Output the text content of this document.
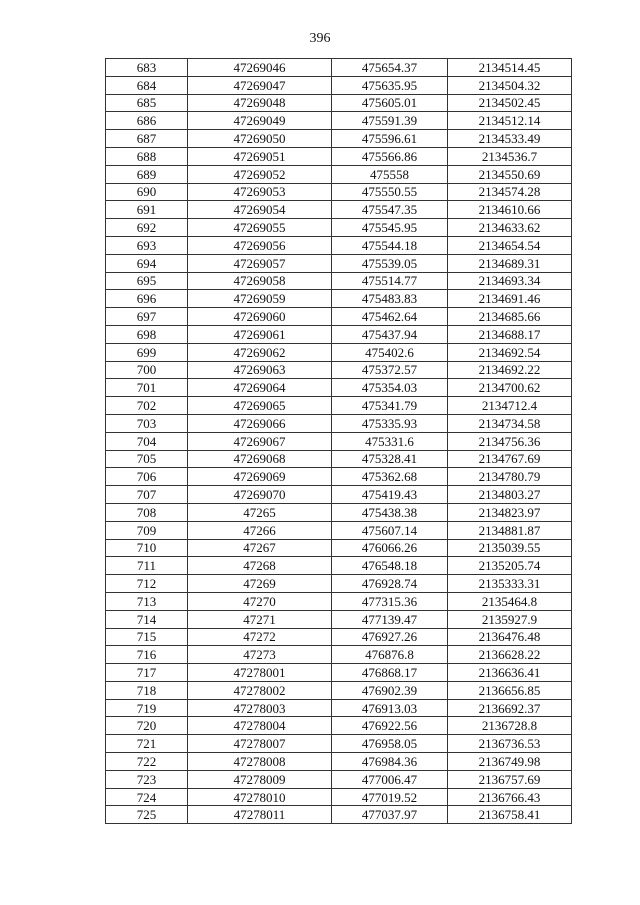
396
683	47269046	475654.37	2134514.45
684	47269047	475635.95	2134504.32
685	47269048	475605.01	2134502.45
686	47269049	475591.39	2134512.14
687	47269050	475596.61	2134533.49
688	47269051	475566.86	2134536.7
689	47269052	475558	2134550.69
690	47269053	475550.55	2134574.28
691	47269054	475547.35	2134610.66
692	47269055	475545.95	2134633.62
693	47269056	475544.18	2134654.54
694	47269057	475539.05	2134689.31
695	47269058	475514.77	2134693.34
696	47269059	475483.83	2134691.46
697	47269060	475462.64	2134685.66
698	47269061	475437.94	2134688.17
699	47269062	475402.6	2134692.54
700	47269063	475372.57	2134692.22
701	47269064	475354.03	2134700.62
702	47269065	475341.79	2134712.4
703	47269066	475335.93	2134734.58
704	47269067	475331.6	2134756.36
705	47269068	475328.41	2134767.69
706	47269069	475362.68	2134780.79
707	47269070	475419.43	2134803.27
708	47265	475438.38	2134823.97
709	47266	475607.14	2134881.87
710	47267	476066.26	2135039.55
711	47268	476548.18	2135205.74
712	47269	476928.74	2135333.31
713	47270	477315.36	2135464.8
714	47271	477139.47	2135927.9
715	47272	476927.26	2136476.48
716	47273	476876.8	2136628.22
717	47278001	476868.17	2136636.41
718	47278002	476902.39	2136656.85
719	47278003	476913.03	2136692.37
720	47278004	476922.56	2136728.8
721	47278007	476958.05	2136736.53
722	47278008	476984.36	2136749.98
723	47278009	477006.47	2136757.69
724	47278010	477019.52	2136766.43
725	47278011	477037.97	2136758.41
